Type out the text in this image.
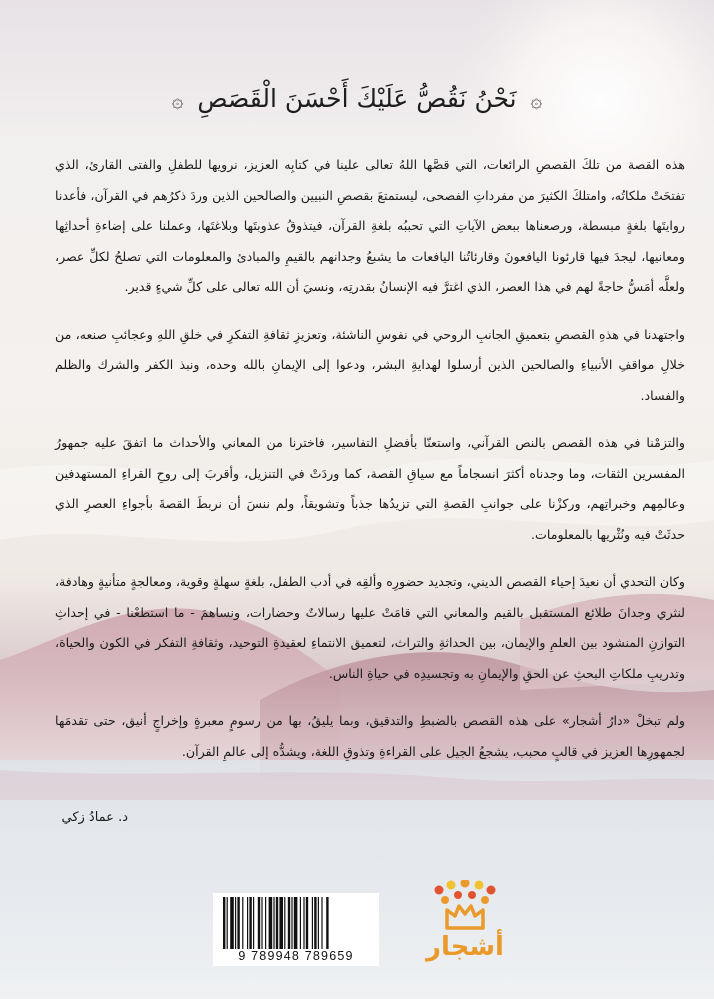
۞ نَحْنُ نَقُصُّ عَلَيْكَ أَحْسَنَ الْقَصَصِ ۞

هذه القصة من تلكَ القصصِ الرائعات، التي قصَّها اللهُ تعالى علينا في كتابِه العزيز، نرويها للطفلِ والفتى القارئ، الذي تفتحَتْ ملكاتُه، وامتلكَ الكثيرَ من مفرداتِ الفصحى، ليستمتعَ بقصصِ النبيين والصالحين الذين وردَ ذكرُهم في القرآن، فأعدنا روايتَها بلغةٍ مبسطة، ورصعناها ببعض الآياتِ التي تحببُه بلغةِ القرآن، فيتذوقُ عذوبتَها وبلاغتَها، وعملنا على إضاءةِ أحداثِها ومعانيها، ليجدَ فيها قارئونا اليافعونَ وقارئاتُنا اليافعات ما يشبعُ وجدانهم بالقيمِ والمبادئ والمعلومات التي تصلحُ لكلِّ عصر، ولعلَّه أمَسُّ حاجةً لهم في هذا العصر، الذي اغترَّ فيه الإنسانُ بقدرتِه، ونسيَ أن الله تعالى على كلِّ شيءٍ قدير.

واجتهدنا في هذهِ القصصِ بتعميقِ الجانبِ الروحي في نفوسِ الناشئة، وتعزيزِ ثقافةِ التفكرِ في خلقِ اللهِ وعجائبِ صنعه، من خلالِ مواقفِ الأنبياءِ والصالحين الذين أرسلوا لهدايةِ البشر، ودعوا إلى الإيمانِ بالله وحده، ونبذ الكفر والشرك والظلم والفساد.

والتزمْنا في هذه القصص بالنص القرآني، واستعنّا بأفضلِ التفاسير، فاخترنا من المعاني والأحداث ما اتفقَ عليه جمهورُ المفسرين الثقات، وما وجدناه أكثرَ انسجاماً مع سياقِ القصة، كما وردَتْ في التنزيل، وأقربَ إلى روحِ القراءِ المستهدفين وعالمِهم وخبراتِهم، وركزْنا على جوانبِ القصةِ التي تزيدُها جذباً وتشويقاً، ولم ننسَ أن نربطَ القصةَ بأجواءِ العصرِ الذي حدثَتْ فيه ونُثْريها بالمعلومات.

وكان التحدي أن نعيدَ إحياء القصص الديني، وتجديد حضورِه وألقِه في أدب الطفل، بلغةٍ سهلةٍ وقوية، ومعالجةٍ متأنيةٍ وهادفة، لنثري وجدانَ طلائع المستقبل بالقيم والمعاني التي قامَتْ عليها رسالاتٌ وحضارات، ونساهمَ - ما استطعْنا - في إحداثِ التوازنِ المنشود بين العلمِ والإيمان، بين الحداثةِ والتراث، لتعميق الانتماءِ لعقيدةِ التوحيد، وثقافةِ التفكر في الكون والحياة، وتدريبِ ملكاتِ البحثِ عن الحقِ والإيمانِ به وتجسيدِه في حياةِ الناس.

ولم تبخلْ «دارُ أشجار» على هذه القصص بالضبطِ والتدقيق، وبما يليقُ، بها من رسومٍ معبرةٍ وإخراجٍ أنيق، حتى تقدمَها لجمهورِها العزيز في قالبٍ محبب، يشجعُ الجيل على القراءةِ وتذوقِ اللغة، ويشدُّه إلى عالمِ القرآن.

د. عمادُ زكي
9 789948 789659	أشجار
